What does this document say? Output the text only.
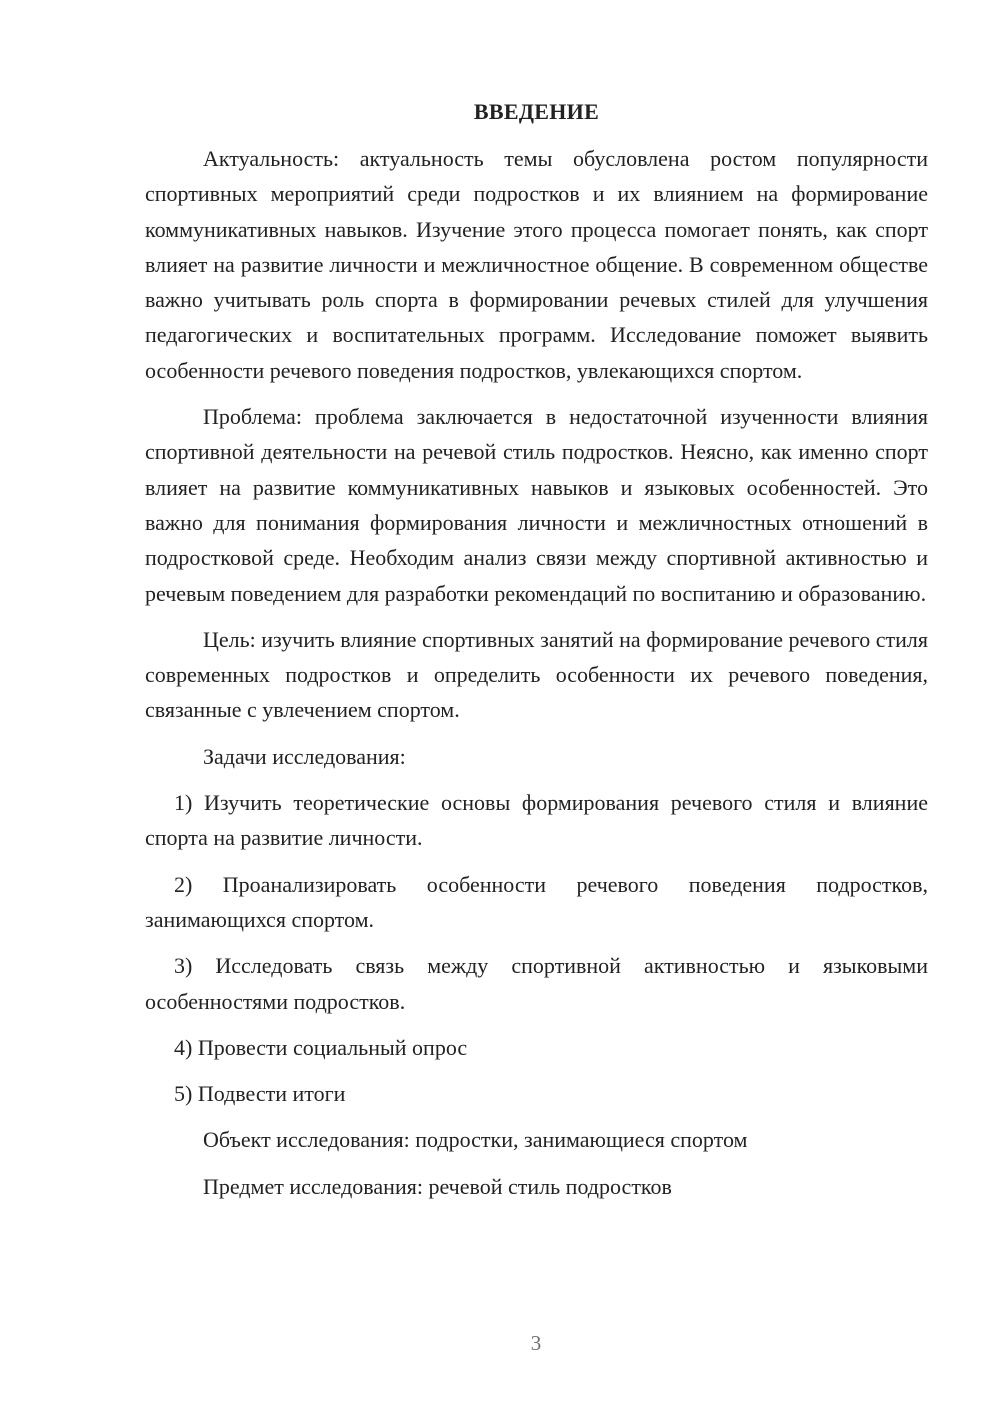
ВВЕДЕНИЕ

Актуальность: актуальность темы обусловлена ростом популярности спортивных мероприятий среди подростков и их влиянием на формирование коммуникативных навыков. Изучение этого процесса помогает понять, как спорт влияет на развитие личности и межличностное общение. В современном обществе важно учитывать роль спорта в формировании речевых стилей для улучшения педагогических и воспитательных программ. Исследование поможет выявить особенности речевого поведения подростков, увлекающихся спортом.

Проблема: проблема заключается в недостаточной изученности влияния спортивной деятельности на речевой стиль подростков. Неясно, как именно спорт влияет на развитие коммуникативных навыков и языковых особенностей. Это важно для понимания формирования личности и межличностных отношений в подростковой среде. Необходим анализ связи между спортивной активностью и речевым поведением для разработки рекомендаций по воспитанию и образованию.

Цель: изучить влияние спортивных занятий на формирование речевого стиля современных подростков и определить особенности их речевого поведения, связанные с увлечением спортом.

Задачи исследования:

1) Изучить теоретические основы формирования речевого стиля и влияние спорта на развитие личности.

2) Проанализировать особенности речевого поведения подростков, занимающихся спортом.

3) Исследовать связь между спортивной активностью и языковыми особенностями подростков.

4) Провести социальный опрос

5) Подвести итоги

Объект исследования: подростки, занимающиеся спортом

Предмет исследования: речевой стиль подростков

3
